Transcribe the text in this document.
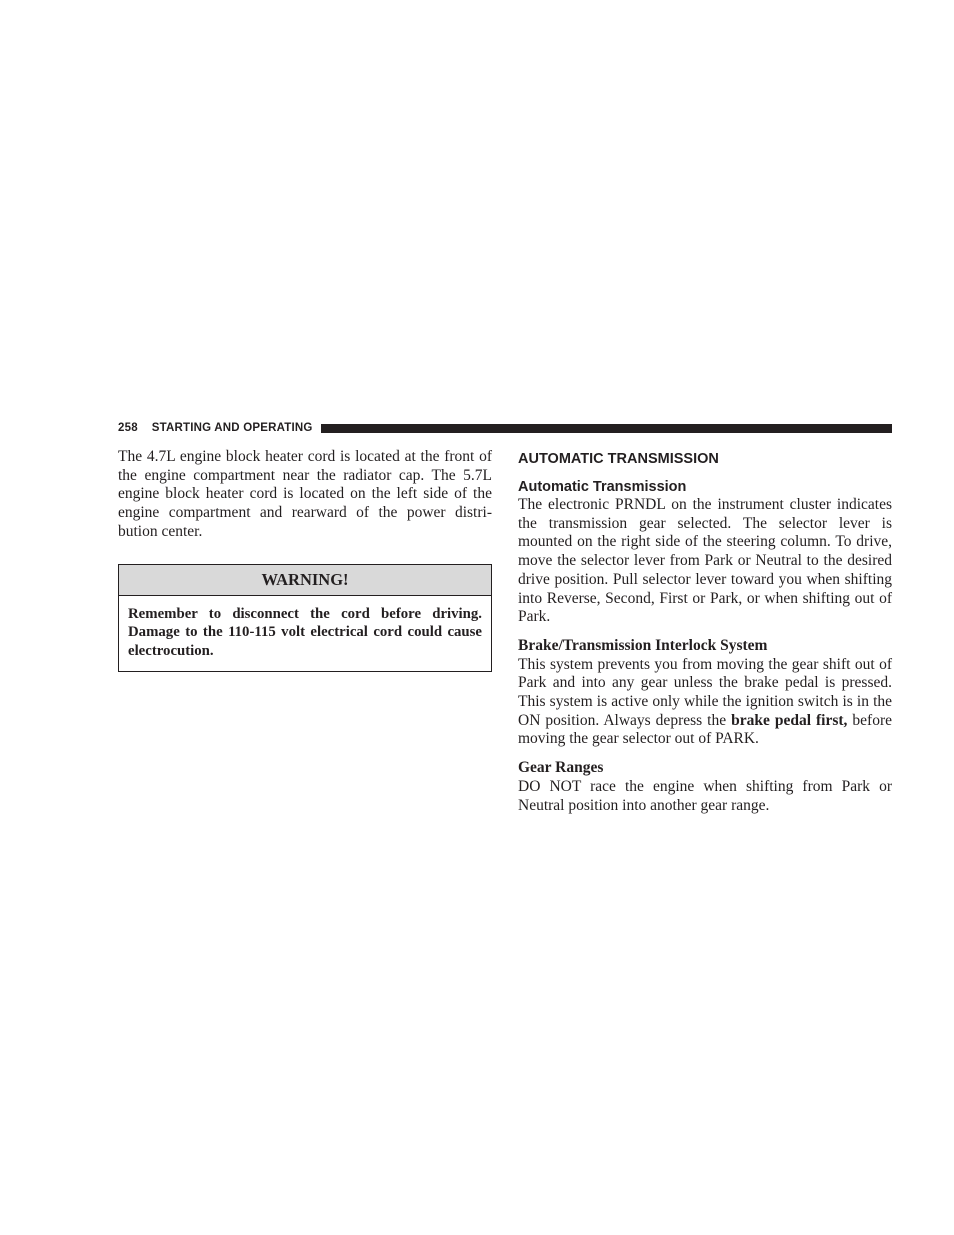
258 STARTING AND OPERATING

The 4.7L engine block heater cord is located at the front of the engine compartment near the radiator cap. The 5.7L engine block heater cord is located on the left side of the engine compartment and rearward of the power distri-bution center.

WARNING!
Remember to disconnect the cord before driving. Damage to the 110-115 volt electrical cord could cause electrocution.
AUTOMATIC TRANSMISSION
Automatic Transmission

The electronic PRNDL on the instrument cluster indicates the transmission gear selected. The selector lever is mounted on the right side of the steering column. To drive, move the selector lever from Park or Neutral to the desired drive position. Pull selector lever toward you when shifting into Reverse, Second, First or Park, or when shifting out of Park.

Brake/Transmission Interlock System

This system prevents you from moving the gear shift out of Park and into any gear unless the brake pedal is pressed. This system is active only while the ignition switch is in the ON position. Always depress the brake pedal first, before moving the gear selector out of PARK.

Gear Ranges

DO NOT race the engine when shifting from Park or Neutral position into another gear range.
